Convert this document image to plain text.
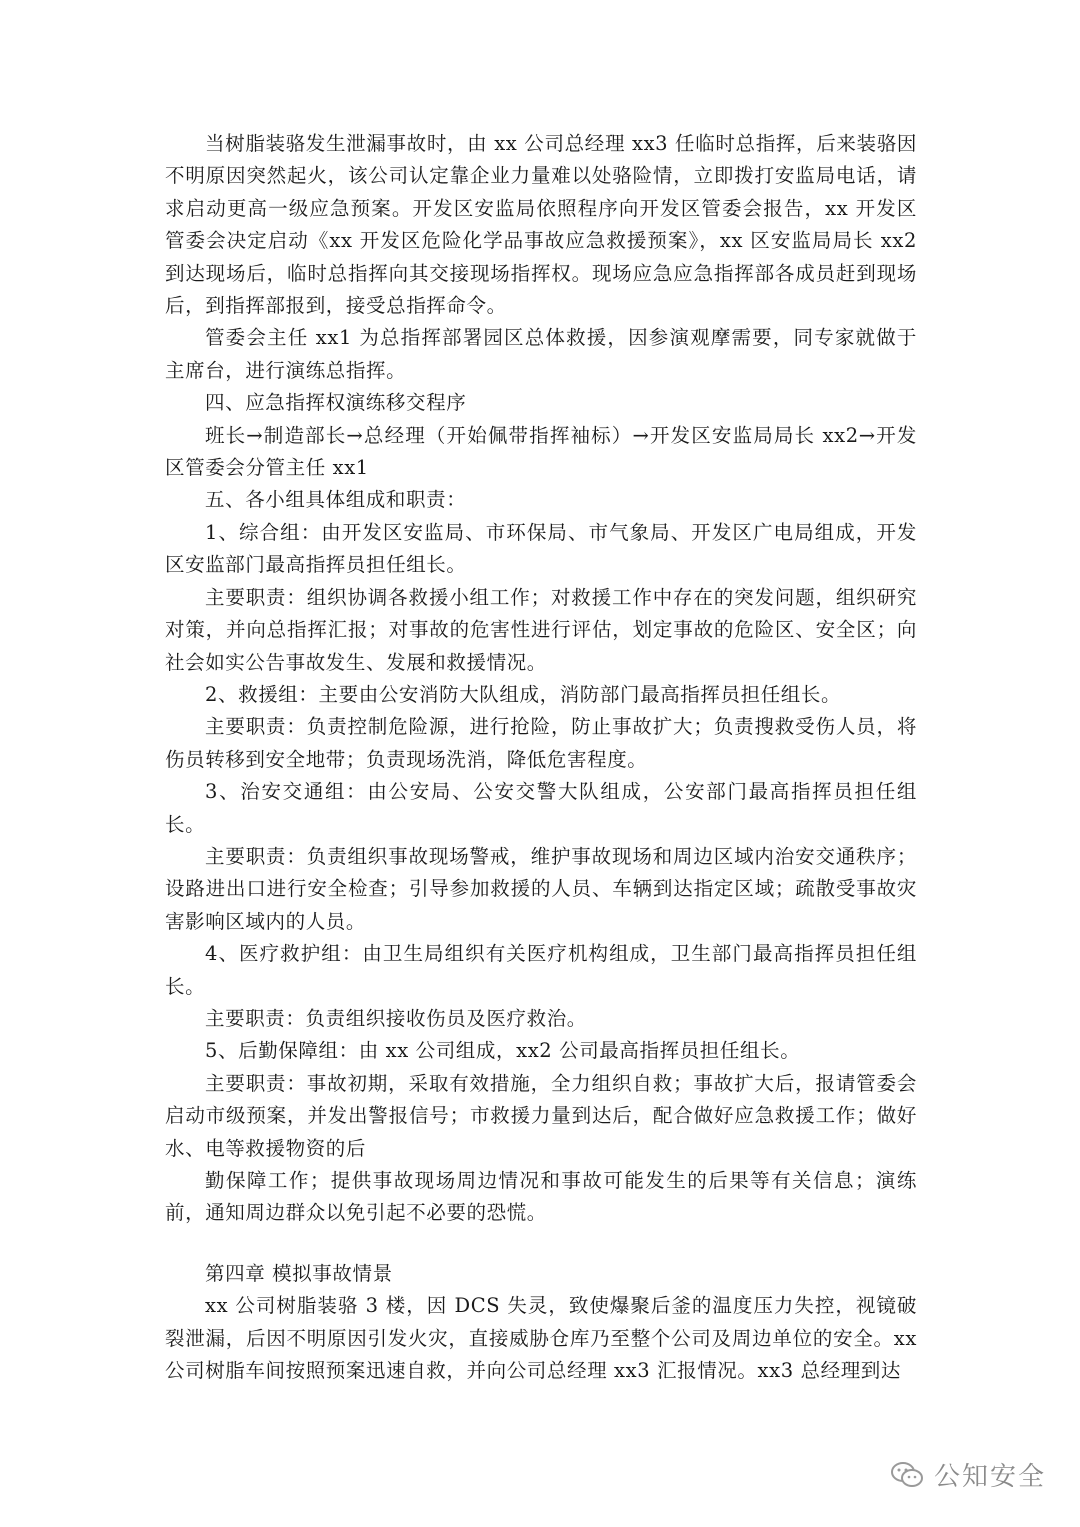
当树脂装骆发生泄漏事故时，由 xx 公司总经理 xx3 任临时总指挥，后来装骆因不明原因突然起火，该公司认定靠企业力量难以处骆险情，立即拨打安监局电话，请求启动更高一级应急预案。开发区安监局依照程序向开发区管委会报告，xx 开发区管委会决定启动《xx 开发区危险化学品事故应急救援预案》，xx 区安监局局长 xx2 到达现场后，临时总指挥向其交接现场指挥权。现场应急应急指挥部各成员赶到现场后，到指挥部报到，接受总指挥命令。

管委会主任 xx1 为总指挥部署园区总体救援，因参演观摩需要，同专家就做于主席台，进行演练总指挥。

四、应急指挥权演练移交程序

班长→制造部长→总经理（开始佩带指挥袖标）→开发区安监局局长 xx2→开发区管委会分管主任 xx1

五、各小组具体组成和职责：

1、综合组：由开发区安监局、市环保局、市气象局、开发区广电局组成，开发区安监部门最高指挥员担任组长。

主要职责：组织协调各救援小组工作；对救援工作中存在的突发问题，组织研究对策，并向总指挥汇报；对事故的危害性进行评估，划定事故的危险区、安全区；向社会如实公告事故发生、发展和救援情况。

2、救援组：主要由公安消防大队组成，消防部门最高指挥员担任组长。

主要职责：负责控制危险源，进行抢险，防止事故扩大；负责搜救受伤人员，将伤员转移到安全地带；负责现场洗消，降低危害程度。

3、治安交通组：由公安局、公安交警大队组成，公安部门最高指挥员担任组长。

主要职责：负责组织事故现场警戒，维护事故现场和周边区域内治安交通秩序；设路进出口进行安全检查；引导参加救援的人员、车辆到达指定区域；疏散受事故灾害影响区域内的人员。

4、医疗救护组：由卫生局组织有关医疗机构组成，卫生部门最高指挥员担任组长。

主要职责：负责组织接收伤员及医疗救治。

5、后勤保障组：由 xx 公司组成，xx2 公司最高指挥员担任组长。

主要职责：事故初期，采取有效措施，全力组织自救；事故扩大后，报请管委会启动市级预案，并发出警报信号；市救援力量到达后，配合做好应急救援工作；做好水、电等救援物资的后

勤保障工作；提供事故现场周边情况和事故可能发生的后果等有关信息；演练前，通知周边群众以免引起不必要的恐慌。

第四章 模拟事故情景

xx 公司树脂装骆 3 楼，因 DCS 失灵，致使爆聚后釜的温度压力失控，视镜破裂泄漏，后因不明原因引发火灾，直接威胁仓库乃至整个公司及周边单位的安全。xx 公司树脂车间按照预案迅速自救，并向公司总经理 xx3 汇报情况。xx3 总经理到达

公知安全
